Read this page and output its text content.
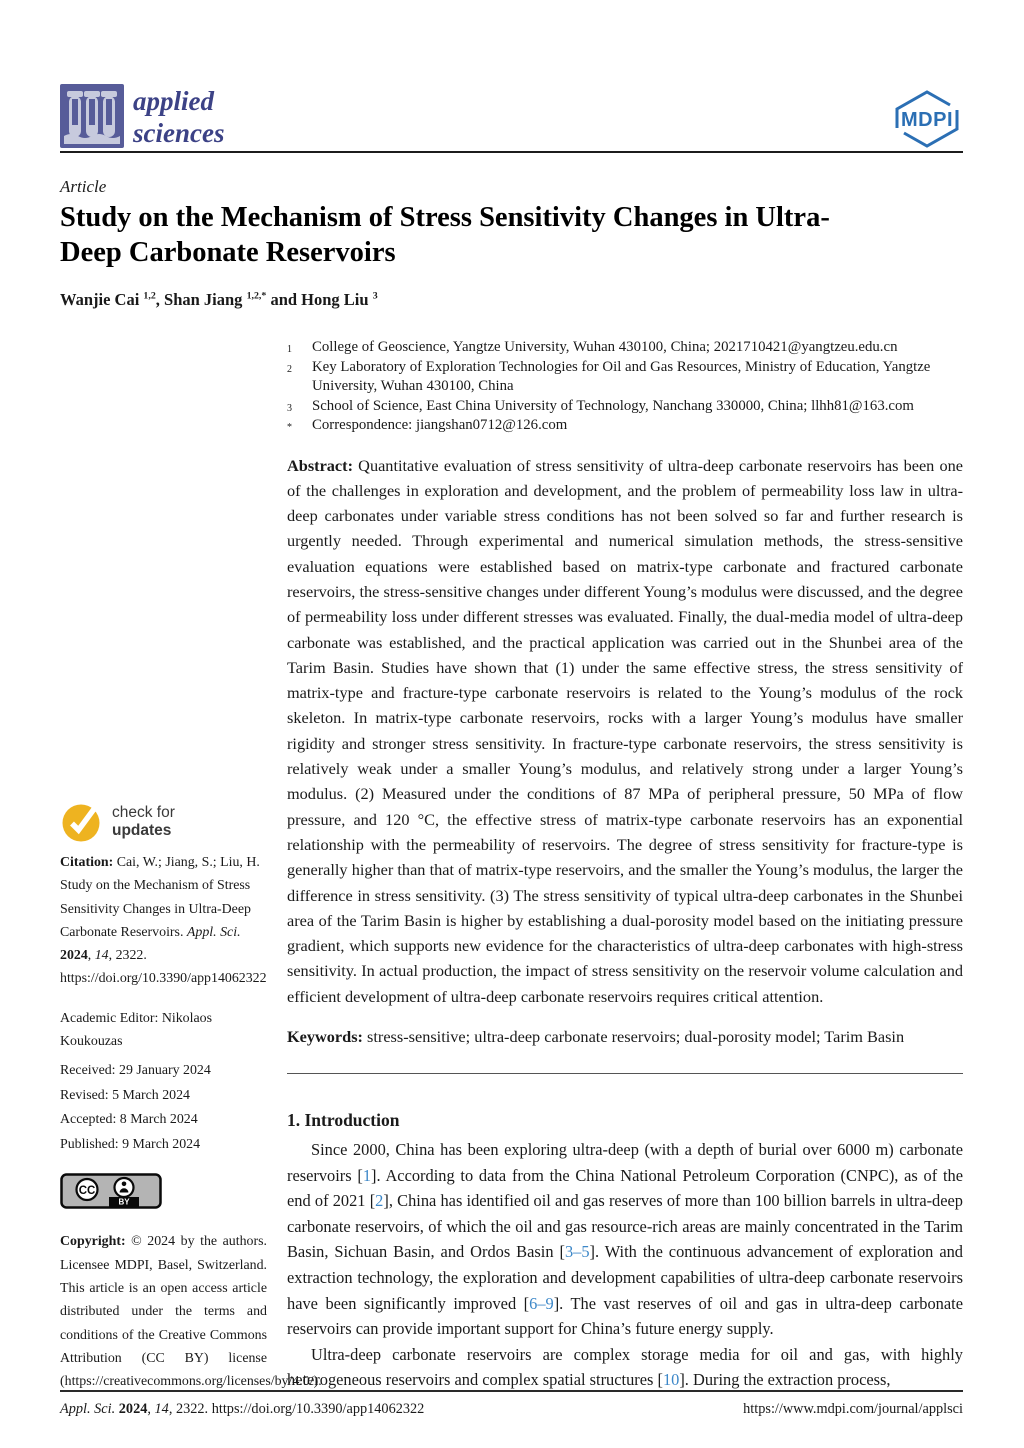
applied
sciences	MDPI

Article

Study on the Mechanism of Stress Sensitivity Changes in Ultra-Deep Carbonate Reservoirs
Wanjie Cai $^{1,2}$, Shan Jiang $^{1,2,*}$ and Hong Liu $^3$
1	College of Geoscience, Yangtze University, Wuhan 430100, China; 2021710421@yangtzeu.edu.cn
2	Key Laboratory of Exploration Technologies for Oil and Gas Resources, Ministry of Education, Yangtze University, Wuhan 430100, China
3	School of Science, East China University of Technology, Nanchang 330000, China; llhh81@163.com
*	Correspondence: jiangshan0712@126.com

Abstract: Quantitative evaluation of stress sensitivity of ultra-deep carbonate reservoirs has been one of the challenges in exploration and development, and the problem of permeability loss law in ultra-deep carbonates under variable stress conditions has not been solved so far and further research is urgently needed. Through experimental and numerical simulation methods, the stress-sensitive evaluation equations were established based on matrix-type carbonate and fractured carbonate reservoirs, the stress-sensitive changes under different Young’s modulus were discussed, and the degree of permeability loss under different stresses was evaluated. Finally, the dual-media model of ultra-deep carbonate was established, and the practical application was carried out in the Shunbei area of the Tarim Basin. Studies have shown that (1) under the same effective stress, the stress sensitivity of matrix-type and fracture-type carbonate reservoirs is related to the Young’s modulus of the rock skeleton. In matrix-type carbonate reservoirs, rocks with a larger Young’s modulus have smaller rigidity and stronger stress sensitivity. In fracture-type carbonate reservoirs, the stress sensitivity is relatively weak under a smaller Young’s modulus, and relatively strong under a larger Young’s modulus. (2) Measured under the conditions of 87 MPa of peripheral pressure, 50 MPa of flow pressure, and 120 °C, the effective stress of matrix-type carbonate reservoirs has an exponential relationship with the permeability of reservoirs. The degree of stress sensitivity for fracture-type is generally higher than that of matrix-type reservoirs, and the smaller the Young’s modulus, the larger the difference in stress sensitivity. (3) The stress sensitivity of typical ultra-deep carbonates in the Shunbei area of the Tarim Basin is higher by establishing a dual-porosity model based on the initiating pressure gradient, which supports new evidence for the characteristics of ultra-deep carbonates with high-stress sensitivity. In actual production, the impact of stress sensitivity on the reservoir volume calculation and efficient development of ultra-deep carbonate reservoirs requires critical attention.

Keywords: stress-sensitive; ultra-deep carbonate reservoirs; dual-porosity model; Tarim Basin

1. Introduction

Since 2000, China has been exploring ultra-deep (with a depth of burial over 6000 m) carbonate reservoirs [1]. According to data from the China National Petroleum Corporation (CNPC), as of the end of 2021 [2], China has identified oil and gas reserves of more than 100 billion barrels in ultra-deep carbonate reservoirs, of which the oil and gas resource-rich areas are mainly concentrated in the Tarim Basin, Sichuan Basin, and Ordos Basin [3–5]. With the continuous advancement of exploration and extraction technology, the exploration and development capabilities of ultra-deep carbonate reservoirs have been significantly improved [6–9]. The vast reserves of oil and gas in ultra-deep carbonate reservoirs can provide important support for China’s future energy supply.

Ultra-deep carbonate reservoirs are complex storage media for oil and gas, with highly heterogeneous reservoirs and complex spatial structures [10]. During the extraction process,

check for
updates
Citation: Cai, W.; Jiang, S.; Liu, H. Study on the Mechanism of Stress Sensitivity Changes in Ultra-Deep Carbonate Reservoirs. Appl. Sci. 2024, 14, 2322. https://doi.org/10.3390/app14062322
Academic Editor: Nikolaos Koukouzas
Received: 29 January 2024
Revised: 5 March 2024
Accepted: 8 March 2024
Published: 9 March 2024
CC
BY
Copyright: © 2024 by the authors. Licensee MDPI, Basel, Switzerland. This article is an open access article distributed under the terms and conditions of the Creative Commons Attribution (CC BY) license (https://creativecommons.org/licenses/by/4.0/).
Appl. Sci. 2024, 14, 2322. https://doi.org/10.3390/app14062322	https://www.mdpi.com/journal/applsci
